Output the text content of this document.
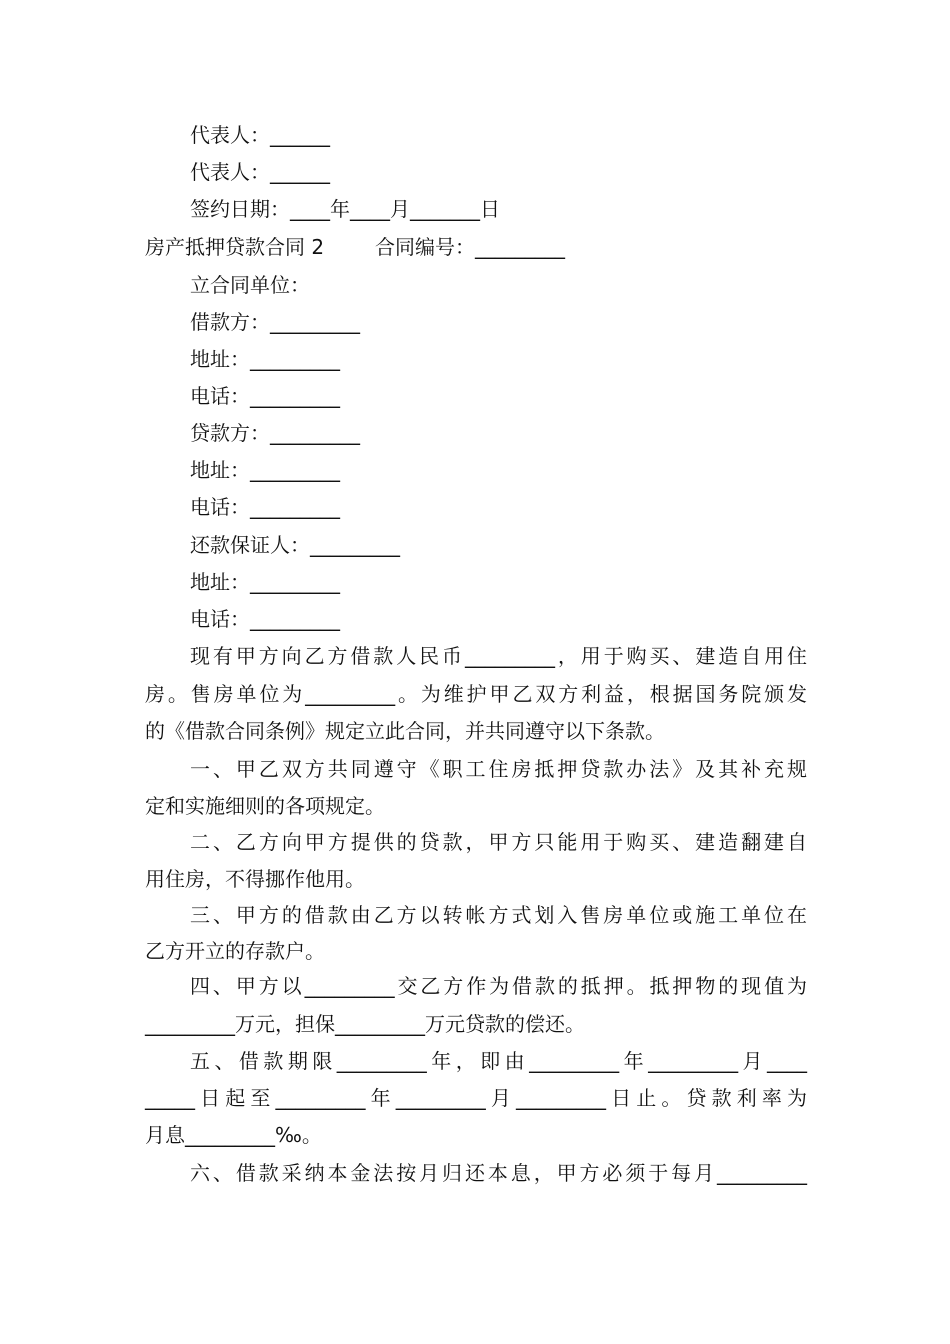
代表人：______
代表人：______
签约日期：____年____月_______日
房产抵押贷款合同 2        合同编号：_________
立合同单位：
借款方：_________
地址：_________
电话：_________
贷款方：_________
地址：_________
电话：_________
还款保证人：_________
地址：_________
电话：_________
现有甲方向乙方借款人民币_________，用于购买、建造自用住
房。售房单位为_________。为维护甲乙双方利益，根据国务院颁发
的《借款合同条例》规定立此合同，并共同遵守以下条款。
一、甲乙双方共同遵守《职工住房抵押贷款办法》及其补充规
定和实施细则的各项规定。
二、乙方向甲方提供的贷款，甲方只能用于购买、建造翻建自
用住房，不得挪作他用。
三、甲方的借款由乙方以转帐方式划入售房单位或施工单位在
乙方开立的存款户。
四、甲方以_________交乙方作为借款的抵押。抵押物的现值为
_________万元，担保_________万元贷款的偿还。
五、借款期限_________年，即由_________年_________月____
_____日起至_________年_________月_________日止。贷款利率为
月息_________‰。
六、借款采纳本金法按月归还本息，甲方必须于每月_________
